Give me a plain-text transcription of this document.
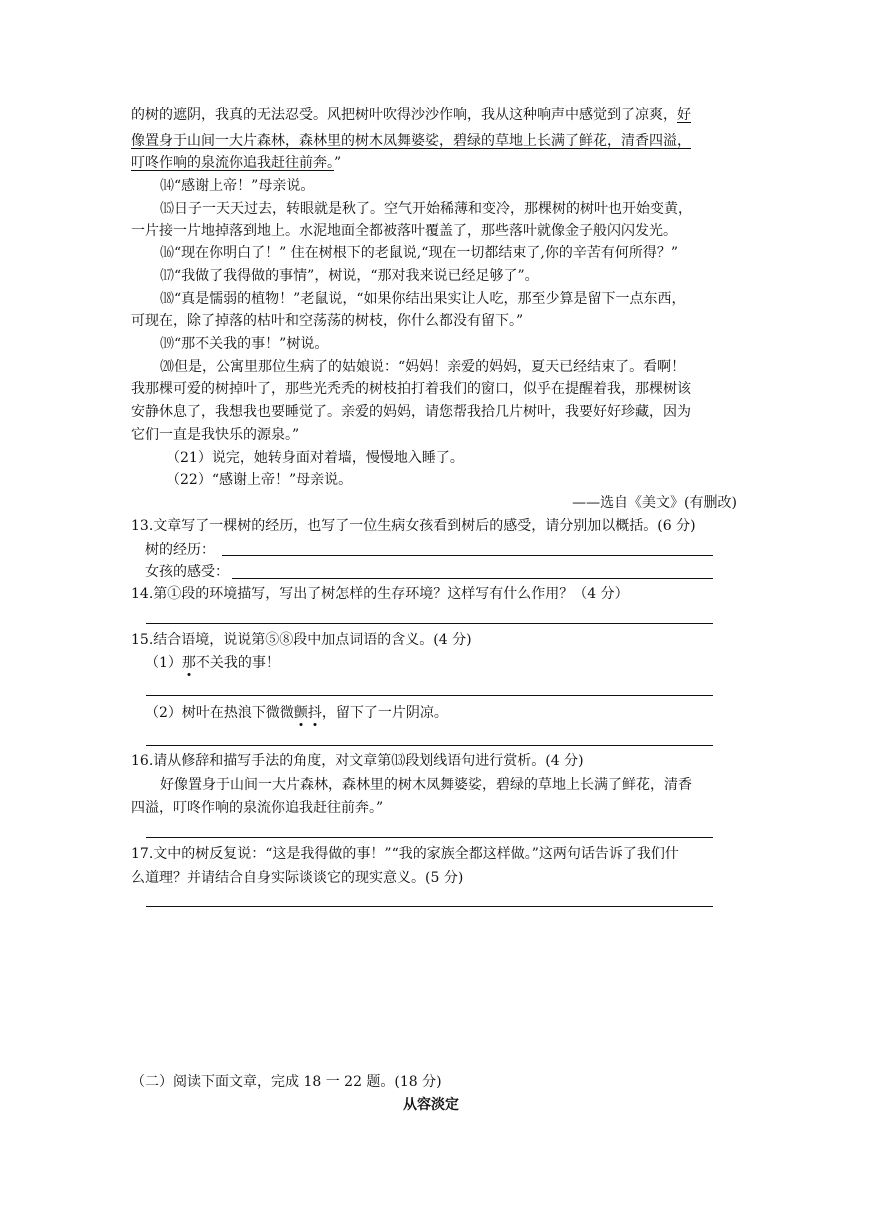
的树的遮阴，我真的无法忍受。风把树叶吹得沙沙作响，我从这种响声中感觉到了凉爽，好
像置身于山间一大片森林，森林里的树木凤舞婆娑，碧绿的草地上长满了鲜花，清香四溢，
叮咚作响的泉流你追我赶往前奔。”
⒁“感谢上帝！”母亲说。
⒂日子一天天过去，转眼就是秋了。空气开始稀薄和变冷，那棵树的树叶也开始变黄，
一片接一片地掉落到地上。水泥地面全都被落叶覆盖了，那些落叶就像金子般闪闪发光。
⒃“现在你明白了！” 住在树根下的老鼠说,“现在一切都结束了,你的辛苦有何所得？”
⒄“我做了我得做的事情”，树说，“那对我来说已经足够了”。
⒅“真是懦弱的植物！”老鼠说，“如果你结出果实让人吃，那至少算是留下一点东西，
可现在，除了掉落的枯叶和空荡荡的树枝，你什么都没有留下。”
⒆“那不关我的事！”树说。
⒇但是，公寓里那位生病了的姑娘说：“妈妈！亲爱的妈妈，夏天已经结束了。看啊！
我那棵可爱的树掉叶了，那些光秃秃的树枝拍打着我们的窗口，似乎在提醒着我，那棵树该
安静休息了，我想我也要睡觉了。亲爱的妈妈，请您帮我拾几片树叶，我要好好珍藏，因为
它们一直是我快乐的源泉。”
（21）说完，她转身面对着墙，慢慢地入睡了。
（22）“感谢上帝！”母亲说。
——选自《美文》(有删改)
13.文章写了一棵树的经历，也写了一位生病女孩看到树后的感受，请分别加以概括。(6 分)
树的经历：
女孩的感受：
14.第①段的环境描写，写出了树怎样的生存环境？这样写有什么作用？（4 分）
15.结合语境，说说第⑤⑧段中加点词语的含义。(4 分)
（1）那不关我的事！
（2）树叶在热浪下微微颤抖，留下了一片阴凉。
16.请从修辞和描写手法的角度，对文章第⒀段划线语句进行赏析。(4 分)
好像置身于山间一大片森林，森林里的树木凤舞婆娑，碧绿的草地上长满了鲜花，清香
四溢，叮咚作响的泉流你追我赶往前奔。”
17.文中的树反复说：“这是我得做的事！”“我的家族全都这样做。”这两句话告诉了我们什
么道理？并请结合自身实际谈谈它的现实意义。(5 分)
（二）阅读下面文章，完成 18 一 22 题。(18 分)
从容淡定
